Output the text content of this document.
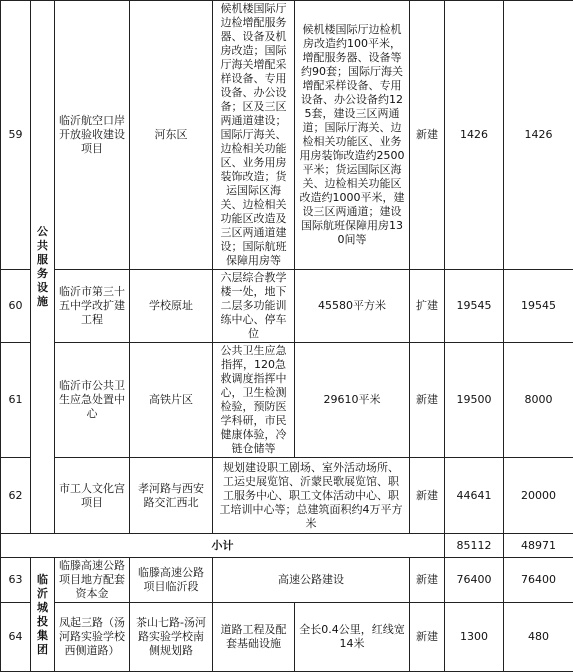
59	公共服务设施	临沂航空口岸开放验收建设项目	河东区	候机楼国际厅边检增配服务器、设备及机房改造；国际厅海关增配采样设备、专用设备、办公设备；区及三区两通道建设；国际厅海关、边检相关功能区、业务用房装饰改造；货运国际区海关、边检相关功能区改造及三区两通道建设；国际航班保障用房等	候机楼国际厅边检机房改造约100平米，增配服务器、设备等约90套；国际厅海关增配采样设备、专用设备、办公设备约125套，建设三区两通道；国际厅海关、边检相关功能区、业务用房装饰改造约2500平米；货运国际区海关、边检相关功能区改造约1000平米，建设三区两通道；建设国际航班保障用房130间等	新建	1426	1426
60		临沂市第三十五中学改扩建工程	学校原址	六层综合教学楼一处，地下二层多功能训练中心、停车位	45580平方米	扩建	19545	19545
61		临沂市公共卫生应急处置中心	高铁片区	公共卫生应急指挥，120急救调度指挥中心，卫生检测检验，预防医学科研，市民健康体验，冷链仓储等	29610平米	新建	19500	8000
62		市工人文化宫项目	孝河路与西安路交汇西北	规划建设职工剧场、室外活动场所、工运史展览馆、沂蒙民歌展览馆、职工服务中心、职工文体活动中心、职工培训中心等；总建筑面积约4万平方米		新建	44641	20000
小计							85112	48971
63	临沂城投集团	临滕高速公路项目地方配套资本金	临滕高速公路项目临沂段	高速公路建设		新建	76400	76400
64		凤起三路（汤河路实验学校西侧道路）	茶山七路-汤河路实验学校南侧规划路	道路工程及配套基础设施	全长0.4公里，红线宽14米	新建	1300	480
